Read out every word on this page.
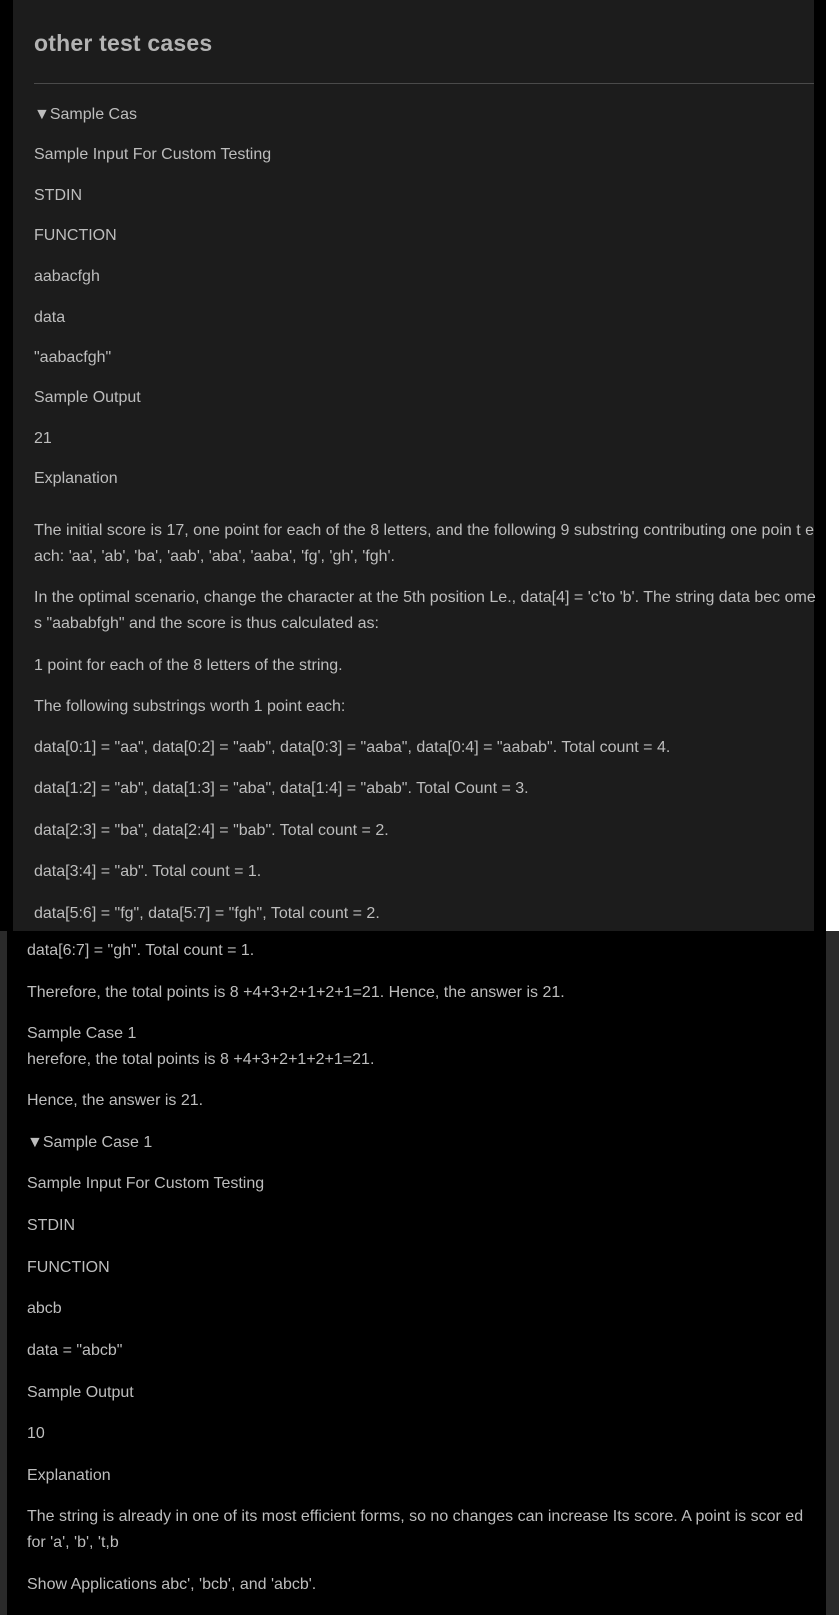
other test cases
▼Sample Cas
Sample Input For Custom Testing
STDIN
FUNCTION
aabacfgh
data
"aabacfgh"
Sample Output
21
Explanation
The initial score is 17, one point for each of the 8 letters, and the following 9 substring contributing one poin t each: 'aa', 'ab', 'ba', 'aab', 'aba', 'aaba', 'fg', 'gh', 'fgh'.
In the optimal scenario, change the character at the 5th position Le., data[4] = 'c'to 'b'. The string data bec omes "aababfgh" and the score is thus calculated as:
1 point for each of the 8 letters of the string.
The following substrings worth 1 point each:
data[0:1] = "aa", data[0:2] = "aab", data[0:3] = "aaba", data[0:4] = "aabab". Total count = 4.
data[1:2] = "ab", data[1:3] = "aba", data[1:4] = "abab". Total Count = 3.
data[2:3] = "ba", data[2:4] = "bab". Total count = 2.
data[3:4] = "ab". Total count = 1.
data[5:6] = "fg", data[5:7] = "fgh", Total count = 2.
data[6:7] = "gh". Total count = 1.
Therefore, the total points is 8 +4+3+2+1+2+1=21. Hence, the answer is 21.
Sample Case 1
herefore, the total points is 8 +4+3+2+1+2+1=21.
Hence, the answer is 21.
▼Sample Case 1
Sample Input For Custom Testing
STDIN
FUNCTION
abcb
data = "abcb"
Sample Output
10
Explanation
The string is already in one of its most efficient forms, so no changes can increase Its score. A point is scor ed for 'a', 'b', 't,b
Show Applications abc', 'bcb', and 'abcb'.
